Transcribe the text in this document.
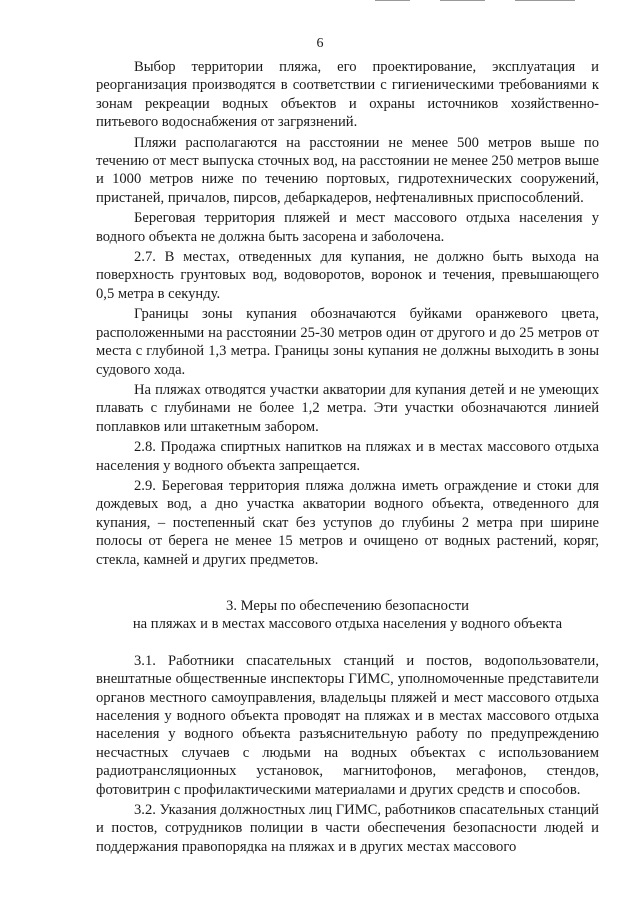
6

Выбор территории пляжа, его проектирование, эксплуатация и реорганизация производятся в соответствии с гигиеническими требованиями к зонам рекреации водных объектов и охраны источников хозяйственно-питьевого водоснабжения от загрязнений.

Пляжи располагаются на расстоянии не менее 500 метров выше по течению от мест выпуска сточных вод, на расстоянии не менее 250 метров выше и 1000 метров ниже по течению портовых, гидротехнических сооружений, пристаней, причалов, пирсов, дебаркадеров, нефтеналивных приспособлений.

Береговая территория пляжей и мест массового отдыха населения у водного объекта не должна быть засорена и заболочена.

2.7. В местах, отведенных для купания, не должно быть выхода на поверхность грунтовых вод, водоворотов, воронок и течения, превышающего 0,5 метра в секунду.

Границы зоны купания обозначаются буйками оранжевого цвета, расположенными на расстоянии 25-30 метров один от другого и до 25 метров от места с глубиной 1,3 метра. Границы зоны купания не должны выходить в зоны судового хода.

На пляжах отводятся участки акватории для купания детей и не умеющих плавать с глубинами не более 1,2 метра. Эти участки обозначаются линией поплавков или штакетным забором.

2.8. Продажа спиртных напитков на пляжах и в местах массового отдыха населения у водного объекта запрещается.

2.9. Береговая территория пляжа должна иметь ограждение и стоки для дождевых вод, а дно участка акватории водного объекта, отведенного для купания, – постепенный скат без уступов до глубины 2 метра при ширине полосы от берега не менее 15 метров и очищено от водных растений, коряг, стекла, камней и других предметов.

3. Меры по обеспечению безопасности
на пляжах и в местах массового отдыха населения у водного объекта

3.1. Работники спасательных станций и постов, водопользователи, внештатные общественные инспекторы ГИМС, уполномоченные представители органов местного самоуправления, владельцы пляжей и мест массового отдыха населения у водного объекта проводят на пляжах и в местах массового отдыха населения у водного объекта разъяснительную работу по предупреждению несчастных случаев с людьми на водных объектах с использованием радиотрансляционных установок, магнитофонов, мегафонов, стендов, фотовитрин с профилактическими материалами и других средств и способов.

3.2. Указания должностных лиц ГИМС, работников спасательных станций и постов, сотрудников полиции в части обеспечения безопасности людей и поддержания правопорядка на пляжах и в других местах массового
